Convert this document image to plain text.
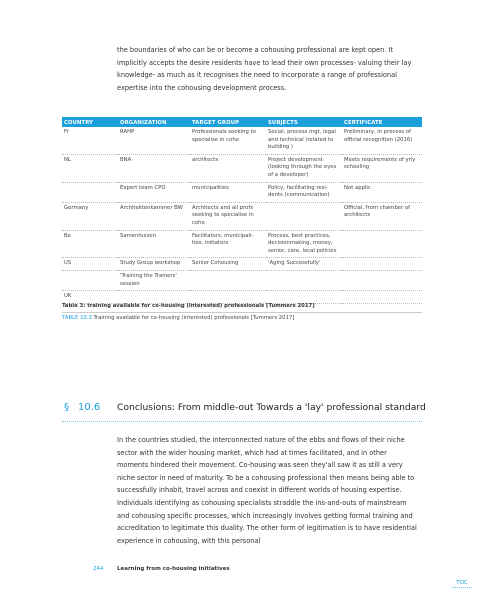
the boundaries of who can be or become a cohousing professional are kept open. It implicitly accepts the desire residents have to lead their own processes- valuing their lay knowledge- as much as it recognises the need to incorporate a range of professional expertise into the cohousing development process.

COUNTRY	ORGANIZATION	TARGET GROUP	SUBJECTS	CERTIFICATE
Fr	RAHP	Professionals seeking to specialise in coho	Social, process mgt, legal and technical (related to building )	Preliminary, in process of official recognition (2016)
NL	BNA	architects	Project development (looking through the eyes of a developer)	Meets requirements of yrly schooling
	Expert team CPO	municipalities	Policy, facilitating resi-dents (communication)	Not applic
Germany	Architektenkammer BW	Architects and all profs seeking to specialise in coho		Official, from chamber of architects
Be	Samenhuizen	Facilitators, municipali-ties, initiators	Process, best practices, decisionmaking, money, senior, care, local policies	
US	Study Group workshop	Senior Cohousing	'Aging Successfully'	
	'Training the Trainers' session			
UK				
Table 3: training available for co-housing (interested) professionals [Tummers 2017]
TABLE 10.3 Training available for co-housing (interested) professionals [Tummers 2017]
§ 10.6 Conclusions: From middle-out Towards a 'lay' professional standard

In the countries studied, the interconnected nature of the ebbs and flows of their niche sector with the wider housing market, which had at times facilitated, and in other moments hindered their movement. Co-housing was seen they'all saw it as still a very niche sector in need of maturity. To be a cohousing professional then means being able to successfully inhabit, travel across and coexist in different worlds of housing expertise. Individuals identifying as cohousing specialists straddle the ins-and-outs of mainstream and cohousing specific processes, which increasingly involves getting formal training and accreditation to legitimate this duality. The other form of legitimation is to have residential experience in cohousing, with this personal

244 Learning from co-housing initiatives
TOC
